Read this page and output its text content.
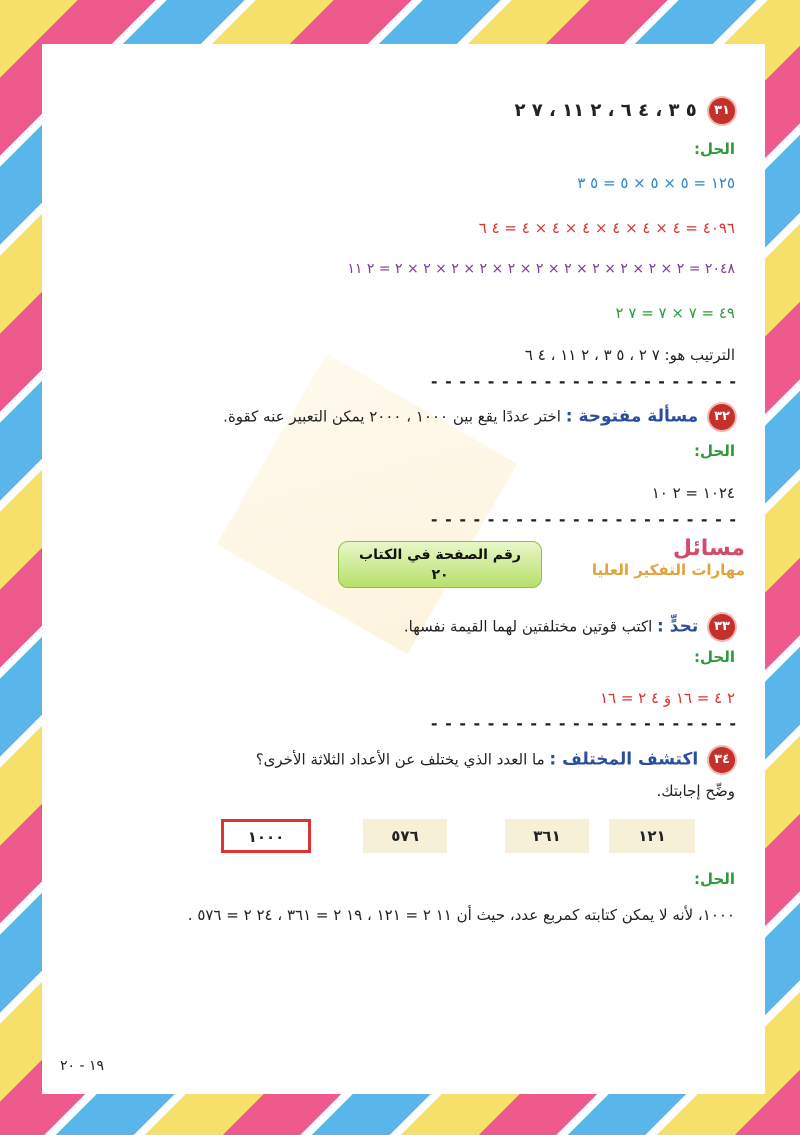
٣١ ٥ ٣ ، ٤ ٦ ، ٢ ١١ ، ٧ ٢
الحل:
١٢٥ = ٥ × ٥ × ٥ = ٥ ٣
٤٠٩٦ = ٤ × ٤ × ٤ × ٤ × ٤ × ٤ = ٤ ٦
٢٠٤٨ = ٢ × ٢ × ٢ × ٢ × ٢ × ٢ × ٢ × ٢ × ٢ × ٢ × ٢ = ٢ ١١
٤٩ = ٧ × ٧ = ٧ ٢
الترتيب هو: ٧ ٢ ، ٥ ٣ ، ٢ ١١ ، ٤ ٦
- - - - - - - - - - - - - - - - - - - - - -
٣٢ مسألة مفتوحة : اختر عددًا يقع بين ١٠٠٠ ، ٢٠٠٠ يمكن التعبير عنه كقوة.
الحل:
١٠٢٤ = ٢ ١٠
- - - - - - - - - - - - - - - - - - - - - -
مسائل
مهارات التفكير العليا
رقم الصفحة في الكتاب
٢٠
٣٣ تحدٍّ : اكتب قوتين مختلفتين لهما القيمة نفسها.
الحل:
٢ ٤ = ١٦ وَ ٤ ٢ = ١٦
- - - - - - - - - - - - - - - - - - - - - -
٣٤ اكتشف المختلف : ما العدد الذي يختلف عن الأعداد الثلاثة الأخرى؟
وضِّح إجابتك.
١٢١
٣٦١
٥٧٦
١٠٠٠
الحل:
١٠٠٠، لأنه لا يمكن كتابته كمربع عدد، حيث أن ١١ ٢ = ١٢١ ، ١٩ ٢ = ٣٦١ ، ٢٤ ٢ = ٥٧٦ .
١٩ - ٢٠
